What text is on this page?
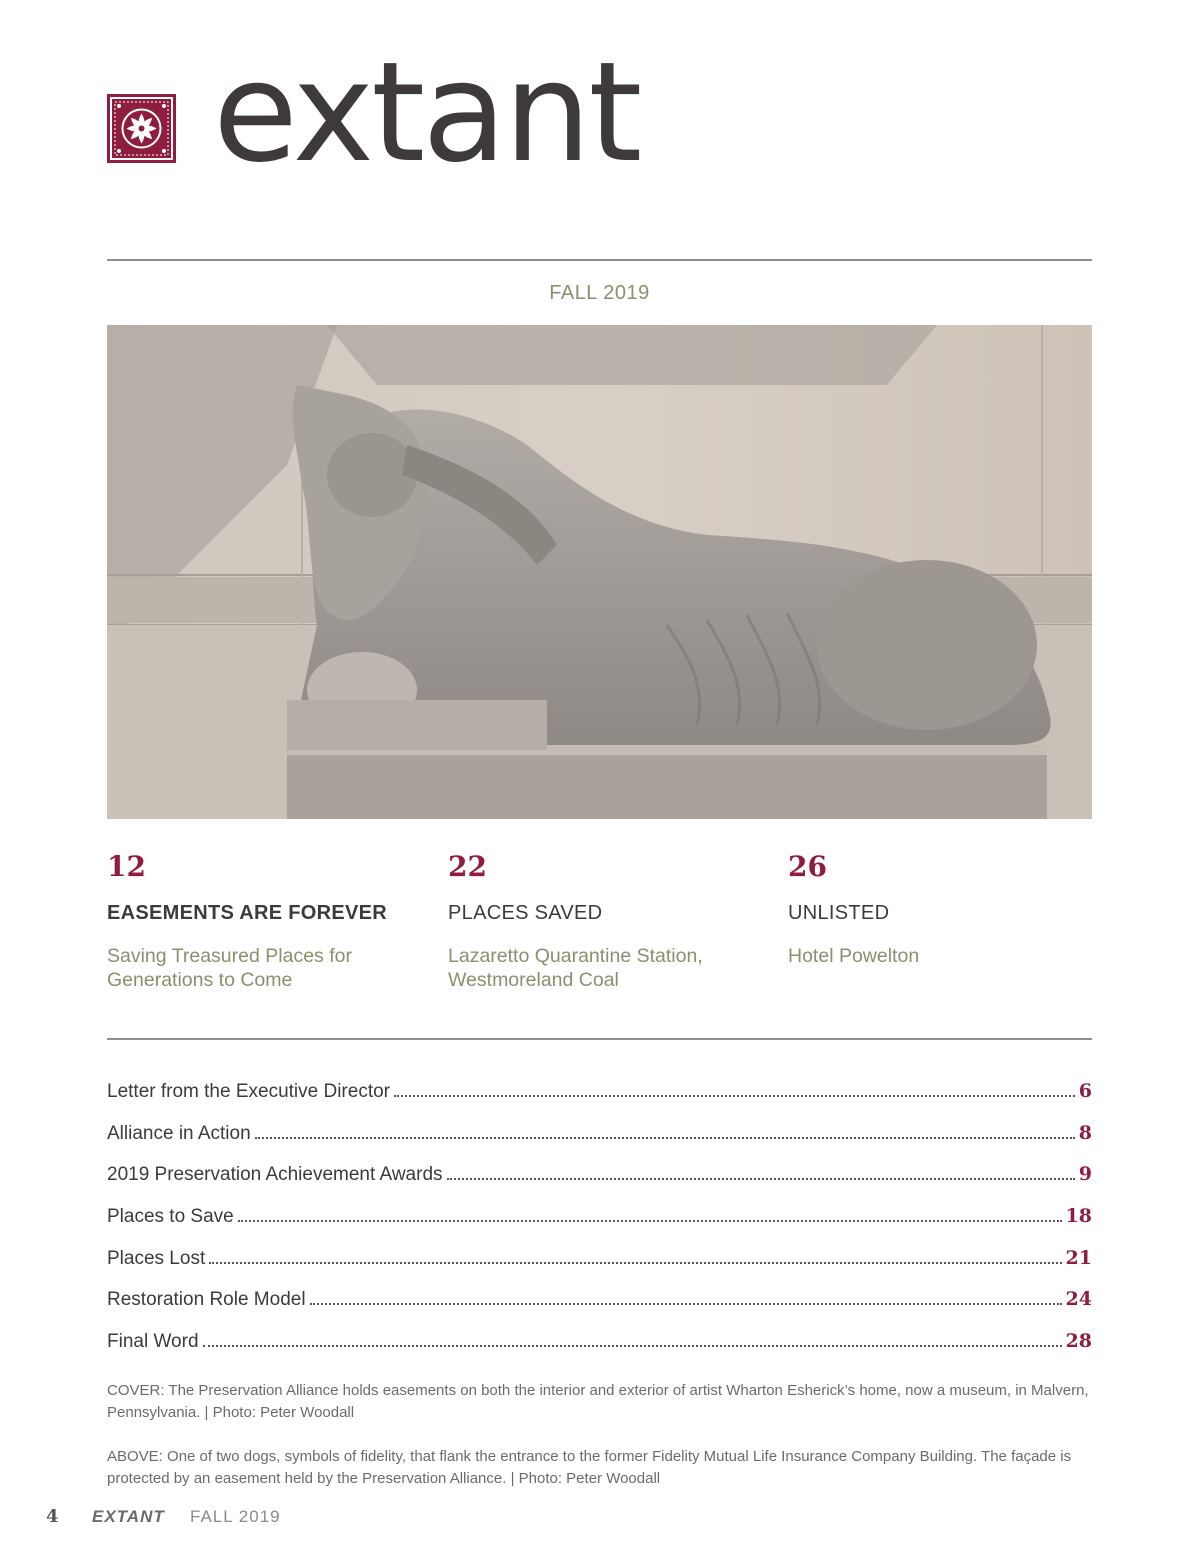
extant
FALL 2019
12
EASEMENTS ARE FOREVER
Saving Treasured Places for
Generations to Come
22
PLACES SAVED
Lazaretto Quarantine Station,
Westmoreland Coal
26
UNLISTED
Hotel Powelton
Letter from the Executive Director	6
Alliance in Action	8
2019 Preservation Achievement Awards	9
Places to Save	18
Places Lost	21
Restoration Role Model	24
Final Word	28
COVER: The Preservation Alliance holds easements on both the interior and exterior of artist Wharton Esherick’s home, now a museum, in Malvern, Pennsylvania. | Photo: Peter Woodall
ABOVE: One of two dogs, symbols of fidelity, that flank the entrance to the former Fidelity Mutual Life Insurance Company Building. The façade is protected by an easement held by the Preservation Alliance. | Photo: Peter Woodall
4	EXTANT	FALL 2019
